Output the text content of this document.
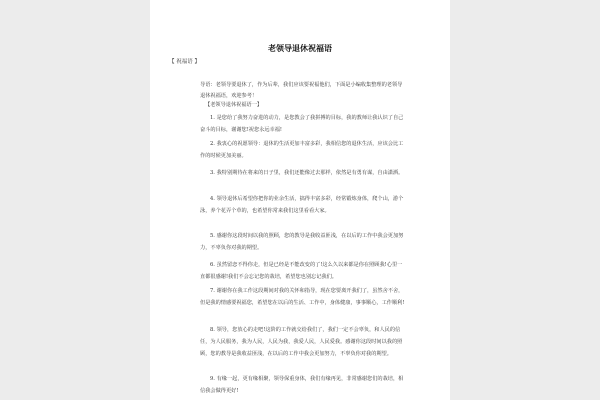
老领导退休祝福语
【 祝福语 】
导语：老领导要退休了，作为后辈，我们应该要祝福他们，下面是小编收集整理的老领导退休祝福语，欢迎参考！
【老领导退休祝福语一】
1. 是您给了我努力奋进的动力，是您教会了我拼搏的目标，我的教师让我认识了自己奋斗的目标，谢谢您!祝您永远幸福!
2. 我衷心的祝愿领导：退休的生活更加丰富多彩，我相信您的退休生活，应该会比工作的时候更加美丽。
3. 我特别期待在将来的日子里，我们还能像过去那样，依然是有勇有谋，自由潇洒。
4. 领导退休后希望你把你的业余生活，搞得丰富多彩，经常锻炼身体，爬个山，游个泳，养个花弄个草的，也希望你常来我们这里看看大家。
5. 感谢你这段时间以我的照顾，您的教导是我收益匪浅，在以后的工作中我会更加努力，不辜负你对我的期望。
6. 虽然留恋不得你走，但是已经是不能改变的了!这么久以来都是你在照顾我!心里一直都很感谢!我们不会忘记您的栽培，希望您也别忘记我们。
7. 谢谢你在我工作这段期间对我的关怀和指导，现在您要离开我们了，虽然舍不舍，但是我的情感要祝福您，希望您在以后的生活、工作中，身体健康，事事顺心，工作顺利!
8. 领导，您放心的走吧!这阶的工作就交给我们了，我们一定不会辜负，和人民的信任，为人民服务，我为人民，人民为我，我爱人民，人民爱我。感谢你这段时间以我的照顾，您的教导是我收益匪浅，在以后的工作中我会更加努力，不辜负你对我的期望。
9. 有缘一起，更有缘相聚，领导保重身体，我们有缘再见，非常感谢您们的栽培，相信我会做得更好!
